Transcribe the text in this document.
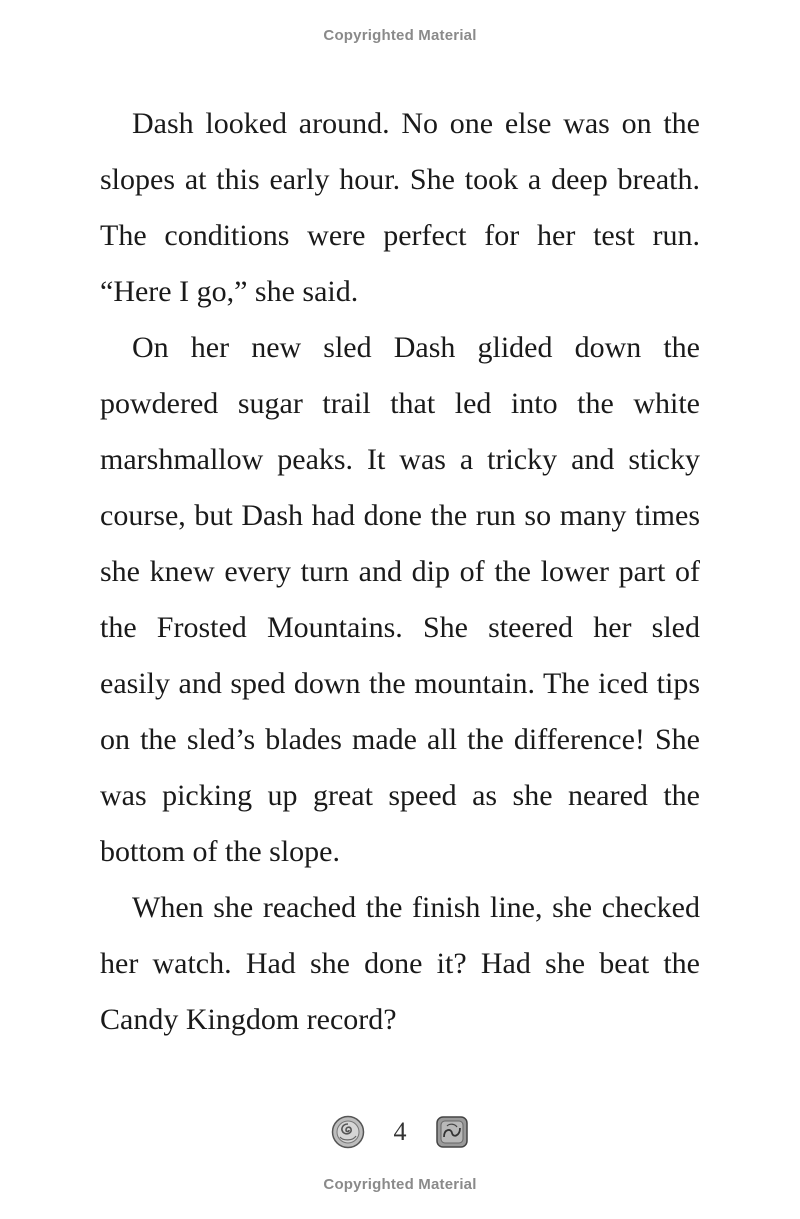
Copyrighted Material

Dash looked around. No one else was on the slopes at this early hour. She took a deep breath. The conditions were perfect for her test run. “Here I go,” she said.

On her new sled Dash glided down the powdered sugar trail that led into the white marshmallow peaks. It was a tricky and sticky course, but Dash had done the run so many times she knew every turn and dip of the lower part of the Frosted Mountains. She steered her sled easily and sped down the mountain. The iced tips on the sled’s blades made all the difference! She was picking up great speed as she neared the bottom of the slope.

When she reached the finish line, she checked her watch. Had she done it? Had she beat the Candy Kingdom record?

4
Copyrighted Material
